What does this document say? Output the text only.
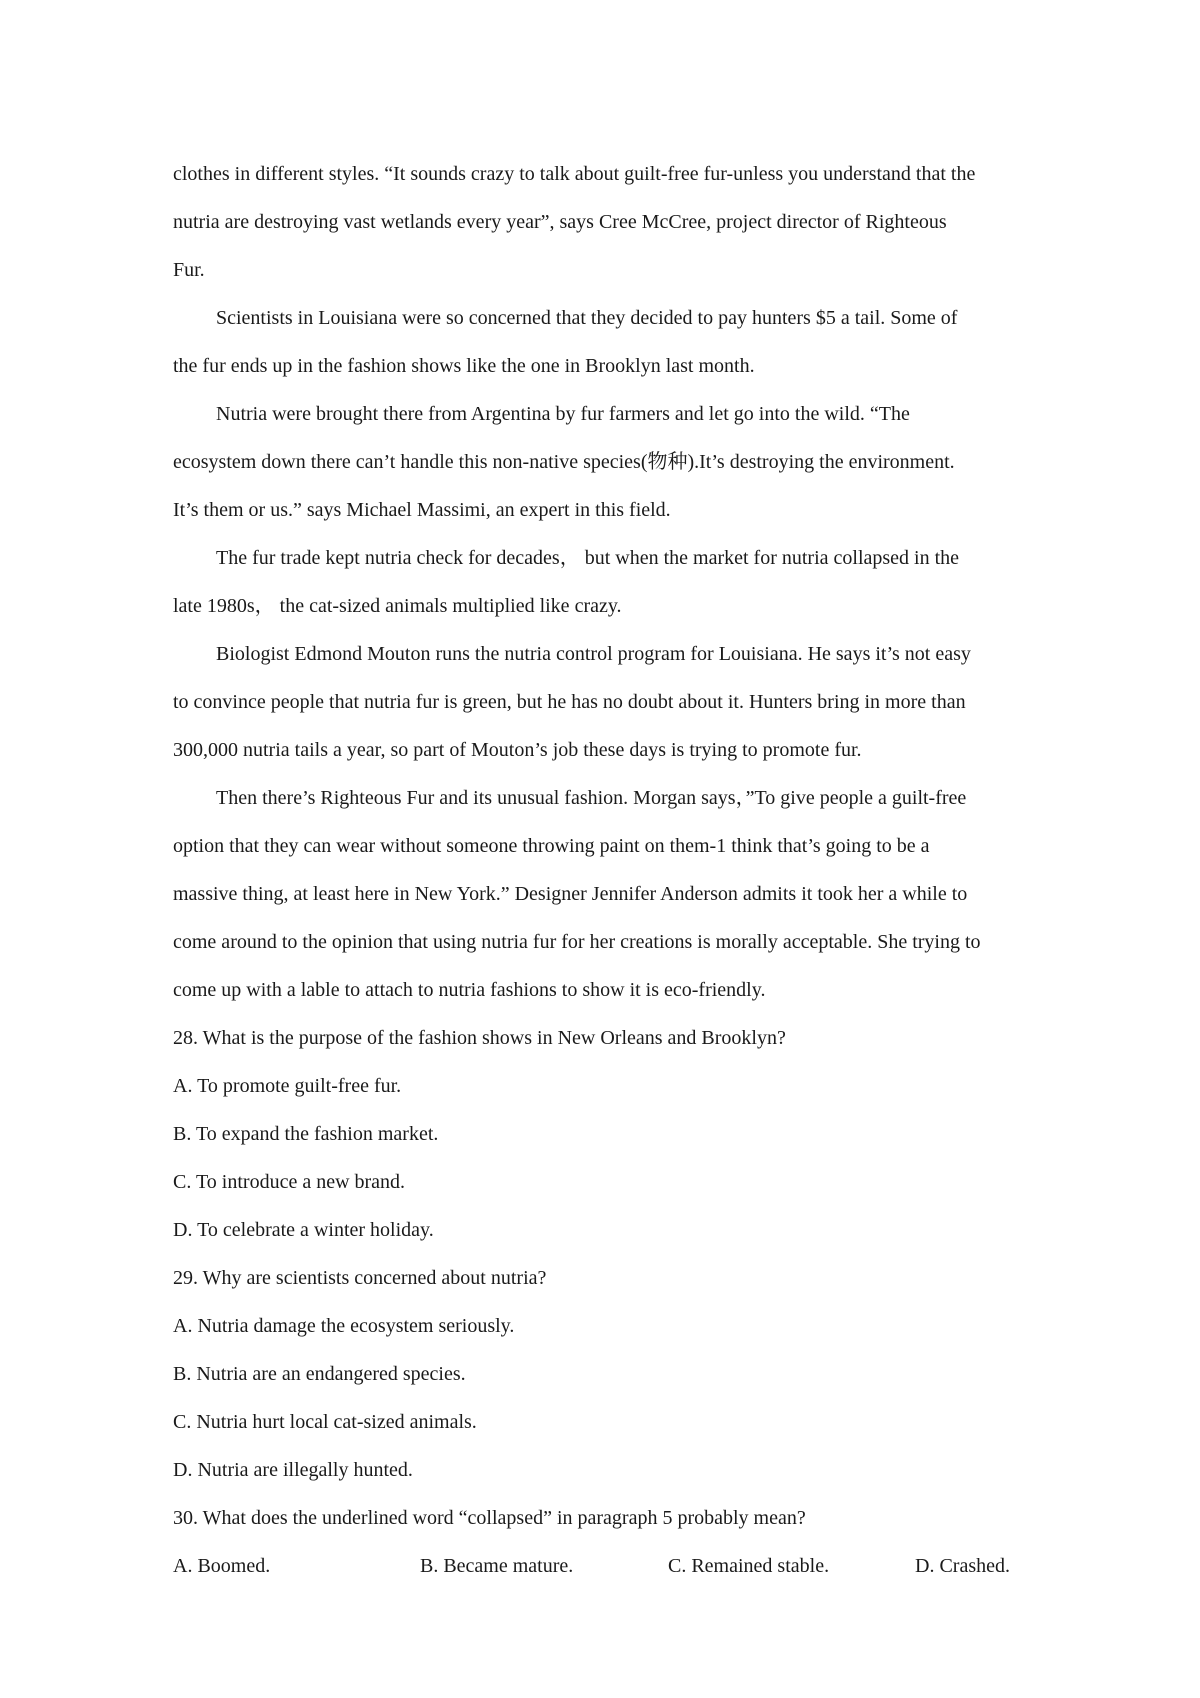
clothes in different styles. “It sounds crazy to talk about guilt-free fur-unless you understand that the
nutria are destroying vast wetlands every year”, says Cree McCree, project director of Righteous
Fur.
Scientists in Louisiana were so concerned that they decided to pay hunters $5 a tail. Some of
the fur ends up in the fashion shows like the one in Brooklyn last month.
Nutria were brought there from Argentina by fur farmers and let go into the wild. “The
ecosystem down there can’t handle this non-native species(物种).It’s destroying the environment.
It’s them or us.” says Michael Massimi, an expert in this field.
The fur trade kept nutria check for decades， but when the market for nutria collapsed in the
late 1980s， the cat-sized animals multiplied like crazy.
Biologist Edmond Mouton runs the nutria control program for Louisiana. He says it’s not easy
to convince people that nutria fur is green, but he has no doubt about it. Hunters bring in more than
300,000 nutria tails a year, so part of Mouton’s job these days is trying to promote fur.
Then there’s Righteous Fur and its unusual fashion. Morgan says，”To give people a guilt-free
option that they can wear without someone throwing paint on them-1 think that’s going to be a
massive thing, at least here in New York.” Designer Jennifer Anderson admits it took her a while to
come around to the opinion that using nutria fur for her creations is morally acceptable. She trying to
come up with a lable to attach to nutria fashions to show it is eco-friendly.
28. What is the purpose of the fashion shows in New Orleans and Brooklyn?
A. To promote guilt-free fur.
B. To expand the fashion market.
C. To introduce a new brand.
D. To celebrate a winter holiday.
29. Why are scientists concerned about nutria?
A. Nutria damage the ecosystem seriously.
B. Nutria are an endangered species.
C. Nutria hurt local cat-sized animals.
D. Nutria are illegally hunted.
30. What does the underlined word “collapsed” in paragraph 5 probably mean?
A. Boomed.	B. Became mature.	C. Remained stable.	D. Crashed.
